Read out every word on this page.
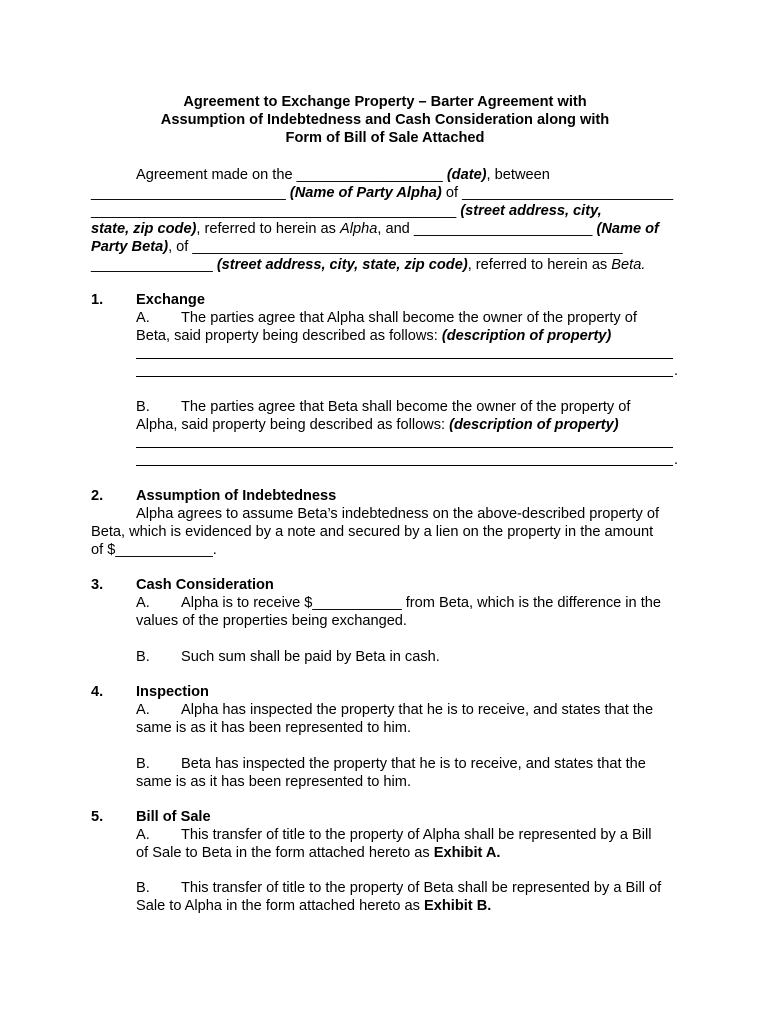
Agreement to Exchange Property – Barter Agreement with
Assumption of Indebtedness and Cash Consideration along with
Form of Bill of Sale Attached
Agreement made on the __________________ (date), between
________________________ (Name of Party Alpha) of __________________________
_____________________________________________ (street address, city,
state, zip code), referred to herein as Alpha, and ______________________ (Name of
Party Beta), of _____________________________________________________
_______________ (street address, city, state, zip code), referred to herein as Beta.
1. Exchange
A. The parties agree that Alpha shall become the owner of the property of
Beta, said property being described as follows: (description of property)
.
B. The parties agree that Beta shall become the owner of the property of
Alpha, said property being described as follows: (description of property)
.
2. Assumption of Indebtedness
Alpha agrees to assume Beta’s indebtedness on the above-described property of
Beta, which is evidenced by a note and secured by a lien on the property in the amount
of $____________.
3. Cash Consideration
A. Alpha is to receive $___________ from Beta, which is the difference in the
values of the properties being exchanged.
B. Such sum shall be paid by Beta in cash.
4. Inspection
A. Alpha has inspected the property that he is to receive, and states that the
same is as it has been represented to him.
B. Beta has inspected the property that he is to receive, and states that the
same is as it has been represented to him.
5. Bill of Sale
A. This transfer of title to the property of Alpha shall be represented by a Bill
of Sale to Beta in the form attached hereto as Exhibit A.
B. This transfer of title to the property of Beta shall be represented by a Bill of
Sale to Alpha in the form attached hereto as Exhibit B.
